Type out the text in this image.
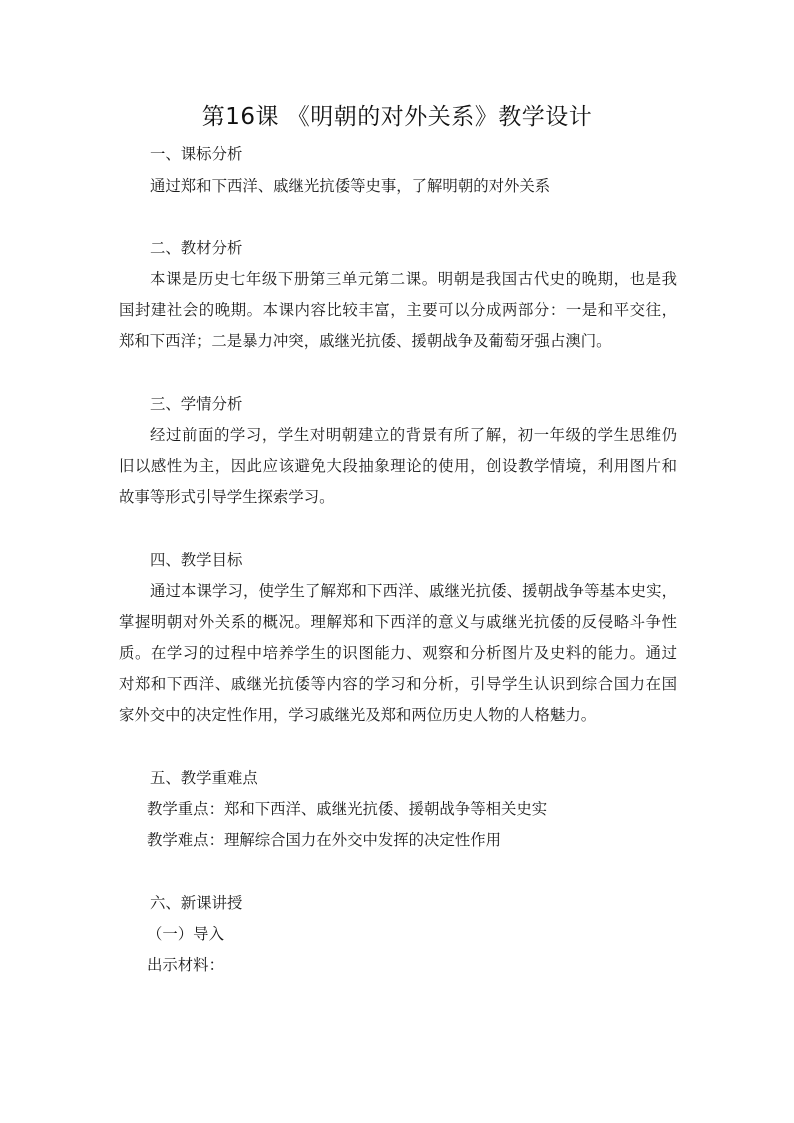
第16课 《明朝的对外关系》教学设计
一、课标分析
通过郑和下西洋、戚继光抗倭等史事，了解明朝的对外关系
二、教材分析
本课是历史七年级下册第三单元第二课。明朝是我国古代史的晚期，也是我
国封建社会的晚期。本课内容比较丰富，主要可以分成两部分：一是和平交往，
郑和下西洋；二是暴力冲突，戚继光抗倭、援朝战争及葡萄牙强占澳门。
三、学情分析
经过前面的学习，学生对明朝建立的背景有所了解，初一年级的学生思维仍
旧以感性为主，因此应该避免大段抽象理论的使用，创设教学情境，利用图片和
故事等形式引导学生探索学习。
四、教学目标
通过本课学习，使学生了解郑和下西洋、戚继光抗倭、援朝战争等基本史实，
掌握明朝对外关系的概况。理解郑和下西洋的意义与戚继光抗倭的反侵略斗争性
质。在学习的过程中培养学生的识图能力、观察和分析图片及史料的能力。通过
对郑和下西洋、戚继光抗倭等内容的学习和分析，引导学生认识到综合国力在国
家外交中的决定性作用，学习戚继光及郑和两位历史人物的人格魅力。
五、教学重难点
教学重点：郑和下西洋、戚继光抗倭、援朝战争等相关史实
教学难点：理解综合国力在外交中发挥的决定性作用
六、新课讲授
（一）导入
出示材料：
